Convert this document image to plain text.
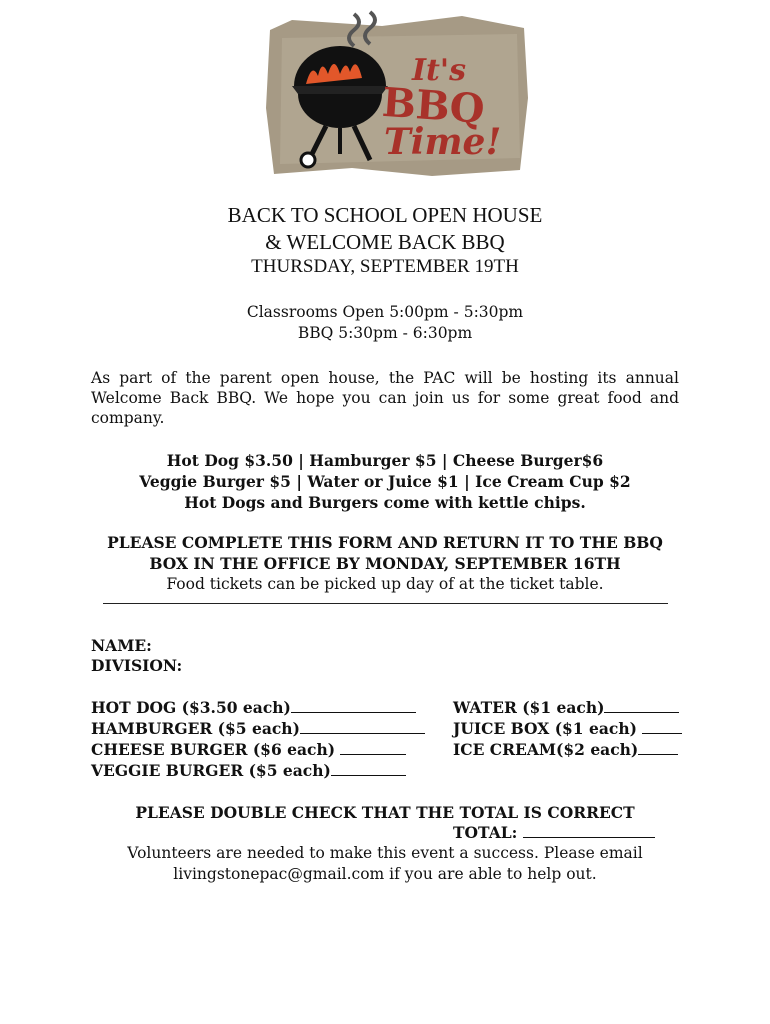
It's
BBQ
Time!
BACK TO SCHOOL OPEN HOUSE
& WELCOME BACK BBQ
THURSDAY, SEPTEMBER 19TH
Classrooms Open 5:00pm - 5:30pm
BBQ 5:30pm - 6:30pm
As part of the parent open house, the PAC will be hosting its annual Welcome Back BBQ. We hope you can join us for some great food and company.
Hot Dog $3.50 | Hamburger $5 | Cheese Burger$6
Veggie Burger $5 | Water or Juice $1 | Ice Cream Cup $2
Hot Dogs and Burgers come with kettle chips.
PLEASE COMPLETE THIS FORM AND RETURN IT TO THE BBQ
BOX IN THE OFFICE BY MONDAY, SEPTEMBER 16TH
Food tickets can be picked up day of at the ticket table.
NAME:
DIVISION:
HOT DOG ($3.50 each)
HAMBURGER ($5 each)
CHEESE BURGER ($6 each)
VEGGIE BURGER ($5 each)
WATER ($1 each)
JUICE BOX ($1 each)
ICE CREAM($2 each)
PLEASE DOUBLE CHECK THAT THE TOTAL IS CORRECT
TOTAL:
Volunteers are needed to make this event a success. Please email
livingstonepac@gmail.com if you are able to help out.
